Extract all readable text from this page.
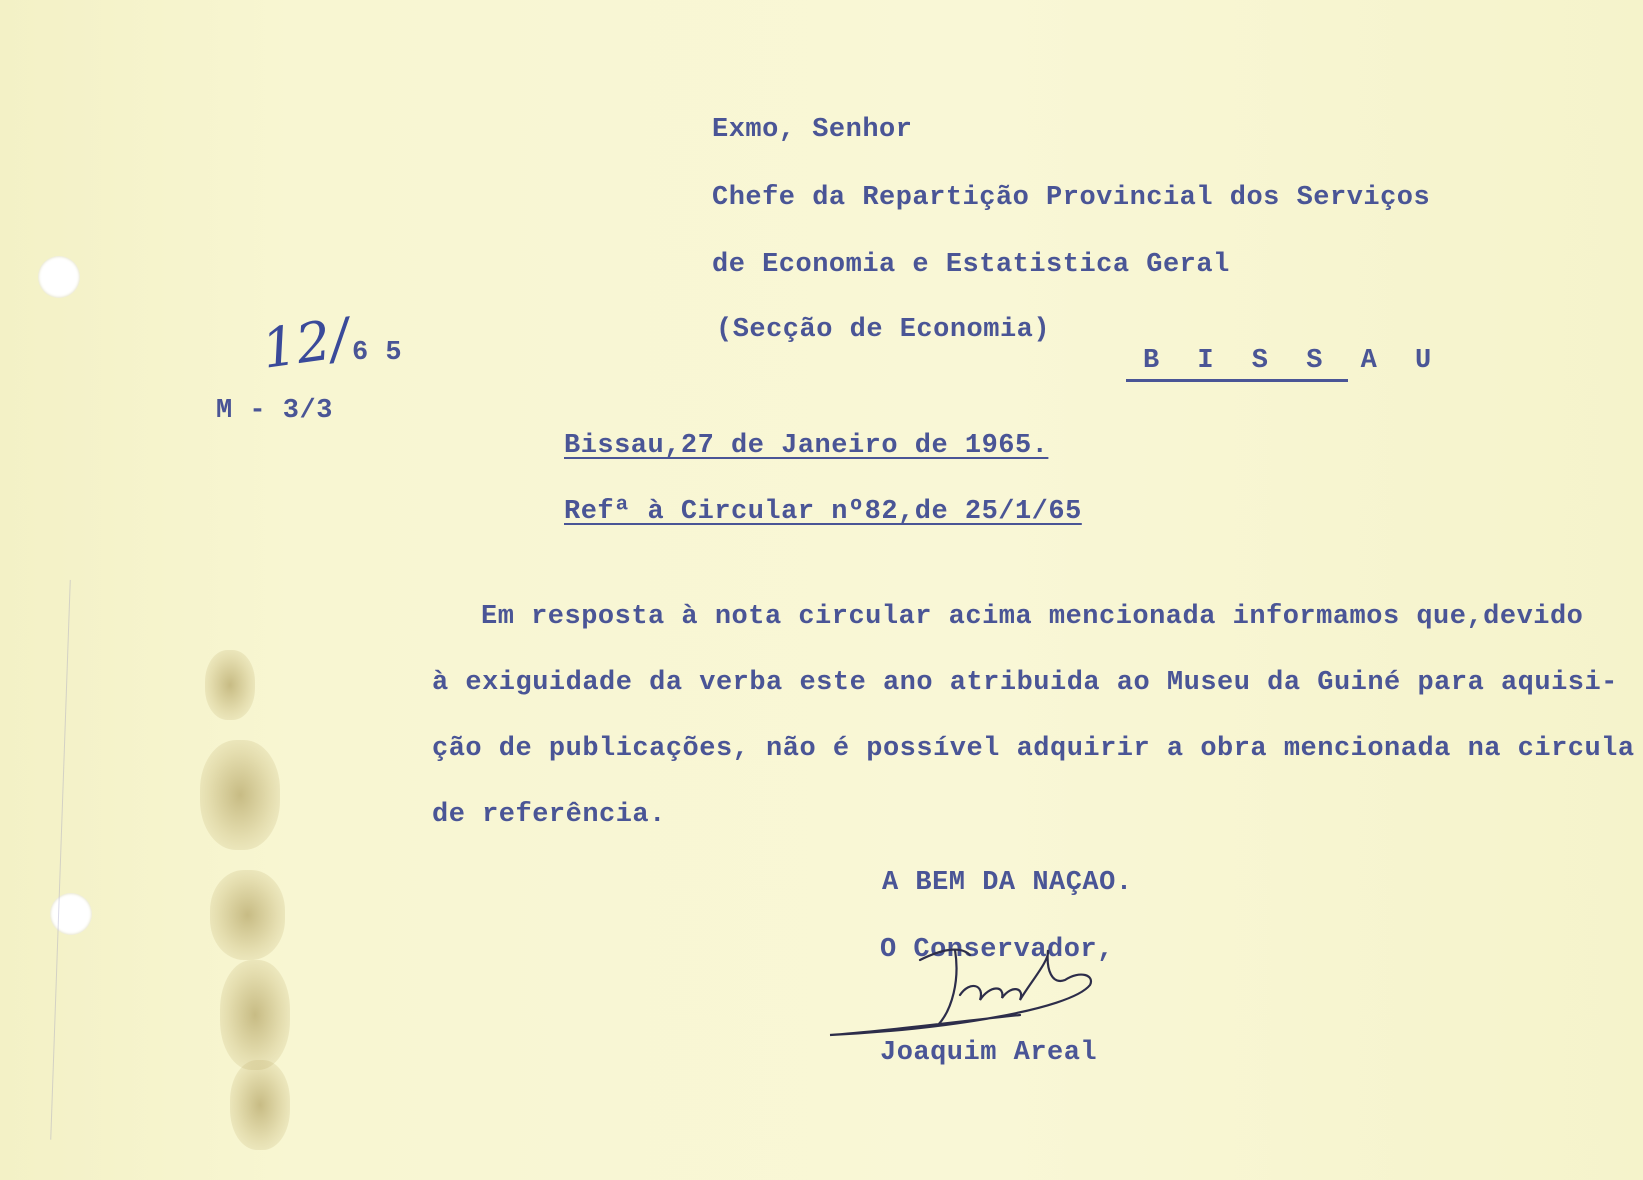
Exmo, Senhor
Chefe da Repartição Provincial dos Serviços
de Economia e Estatistica Geral
(Secção de Economia)
B I S S A U
12/ 6 5
M - 3/3
Bissau,27 de Janeiro de 1965.
Refª à Circular nº82,de 25/1/65
Em resposta à nota circular acima mencionada informamos que,devido
à exiguidade da verba este ano atribuida ao Museu da Guiné para aquisi-
ção de publicações, não é possível adquirir a obra mencionada na circula
de referência.
A BEM DA NAÇAO.
O Conservador,
Joaquim Areal
